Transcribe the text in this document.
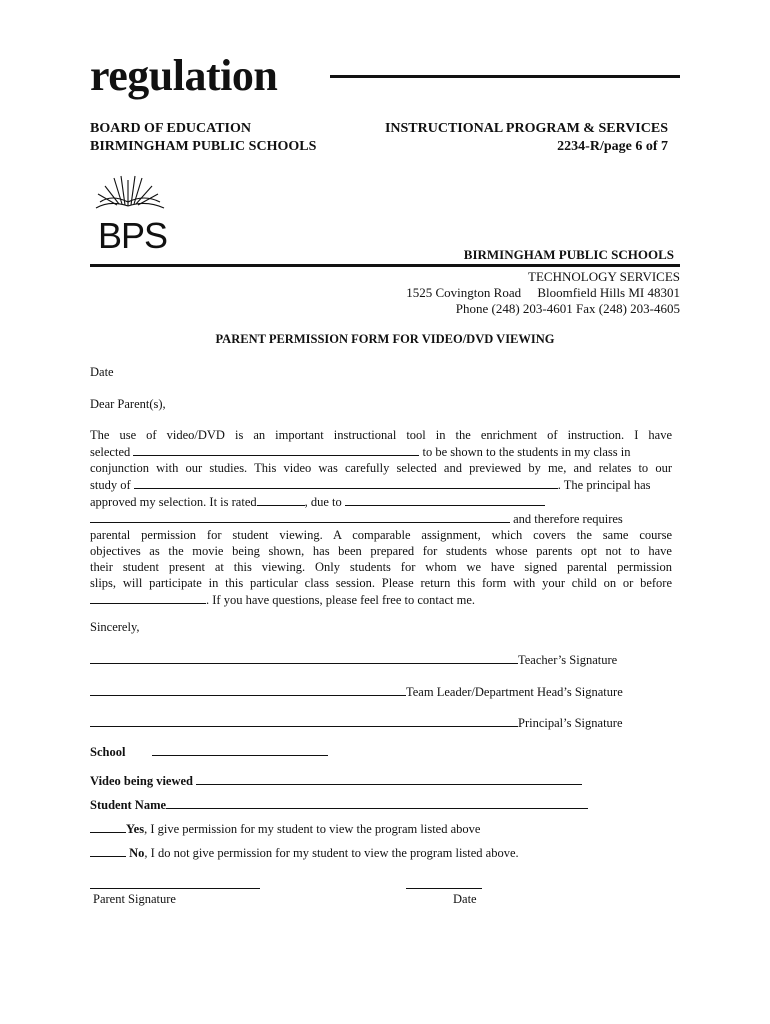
regulation
BOARD OF EDUCATION
BIRMINGHAM PUBLIC SCHOOLS
INSTRUCTIONAL PROGRAM & SERVICES
2234-R/page 6 of 7
BPS	BIRMINGHAM PUBLIC SCHOOLS
TECHNOLOGY SERVICES
1525 Covington Road Bloomfield Hills MI 48301
Phone (248) 203-4601 Fax (248) 203-4605
PARENT PERMISSION FORM FOR VIDEO/DVD VIEWING
Date
Dear Parent(s),
The use of video/DVD is an important instructional tool in the enrichment of instruction. I have
selected	to be shown to the students in my class in
conjunction with our studies. This video was carefully selected and previewed by me, and relates to our
study of	. The principal has
approved my selection. It is rated	, due to
and therefore requires
parental permission for student viewing. A comparable assignment, which covers the same course
objectives as the movie being shown, has been prepared for students whose parents opt not to have
their student present at this viewing. Only students for whom we have signed parental permission
slips, will participate in this particular class session. Please return this form with your child on or before
. If you have questions, please feel free to contact me.
Sincerely,
Teacher’s Signature
Team Leader/Department Head’s Signature
Principal’s Signature
School
Video being viewed
Student Name
Yes, I give permission for my student to view the program listed above
No, I do not give permission for my student to view the program listed above.
Parent Signature	Date
